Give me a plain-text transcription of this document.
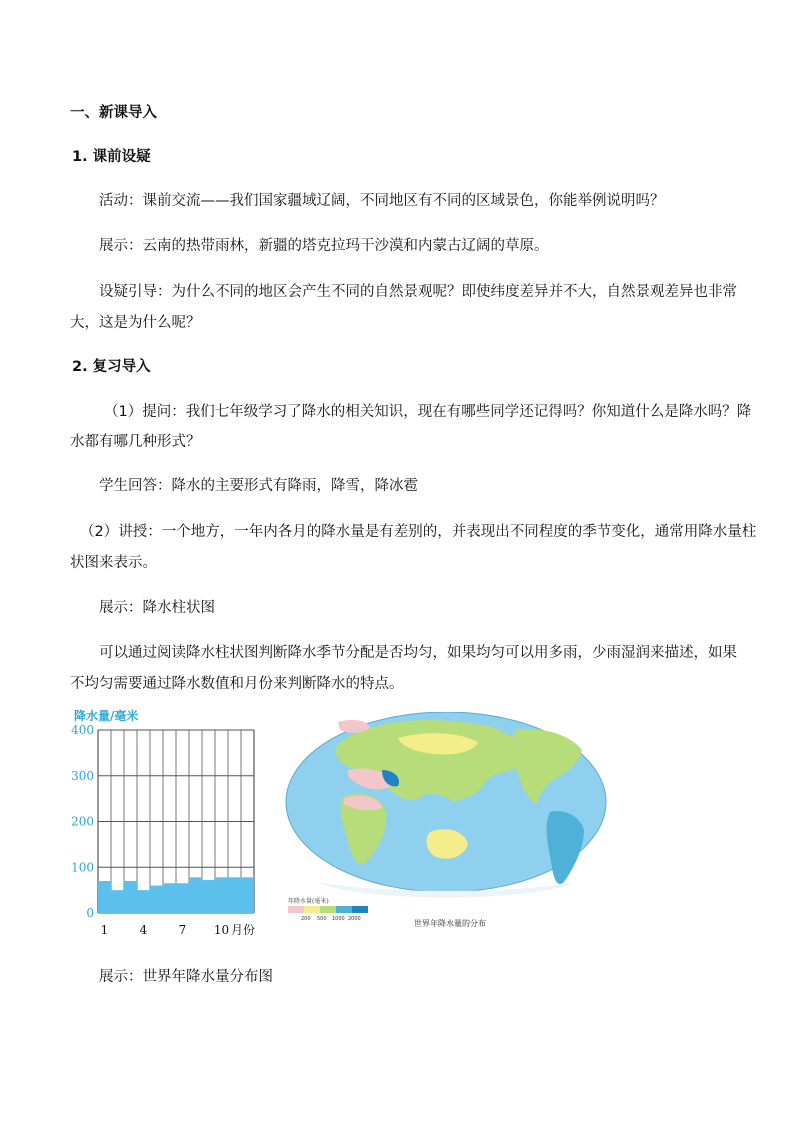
一、新课导入
1. 课前设疑
活动：课前交流——我们国家疆域辽阔，不同地区有不同的区域景色，你能举例说明吗？
展示：云南的热带雨林，新疆的塔克拉玛干沙漠和内蒙古辽阔的草原。
设疑引导：为什么不同的地区会产生不同的自然景观呢？即使纬度差异并不大，自然景观差异也非常
大，这是为什么呢？
2. 复习导入
（1）提问：我们七年级学习了降水的相关知识，现在有哪些同学还记得吗？你知道什么是降水吗？降
水都有哪几种形式？
学生回答：降水的主要形式有降雨，降雪，降冰雹
（2）讲授：一个地方，一年内各月的降水量是有差别的，并表现出不同程度的季节变化，通常用降水量柱
状图来表示。
展示：降水柱状图
可以通过阅读降水柱状图判断降水季节分配是否均匀，如果均匀可以用多雨，少雨湿润来描述，如果
不均匀需要通过降水数值和月份来判断降水的特点。
降水量/毫米
400
300
200
100
0
1	4	7 10 月份
年降水量(毫米)
200 500 1000 2000	世界年降水量的分布
展示：世界年降水量分布图
